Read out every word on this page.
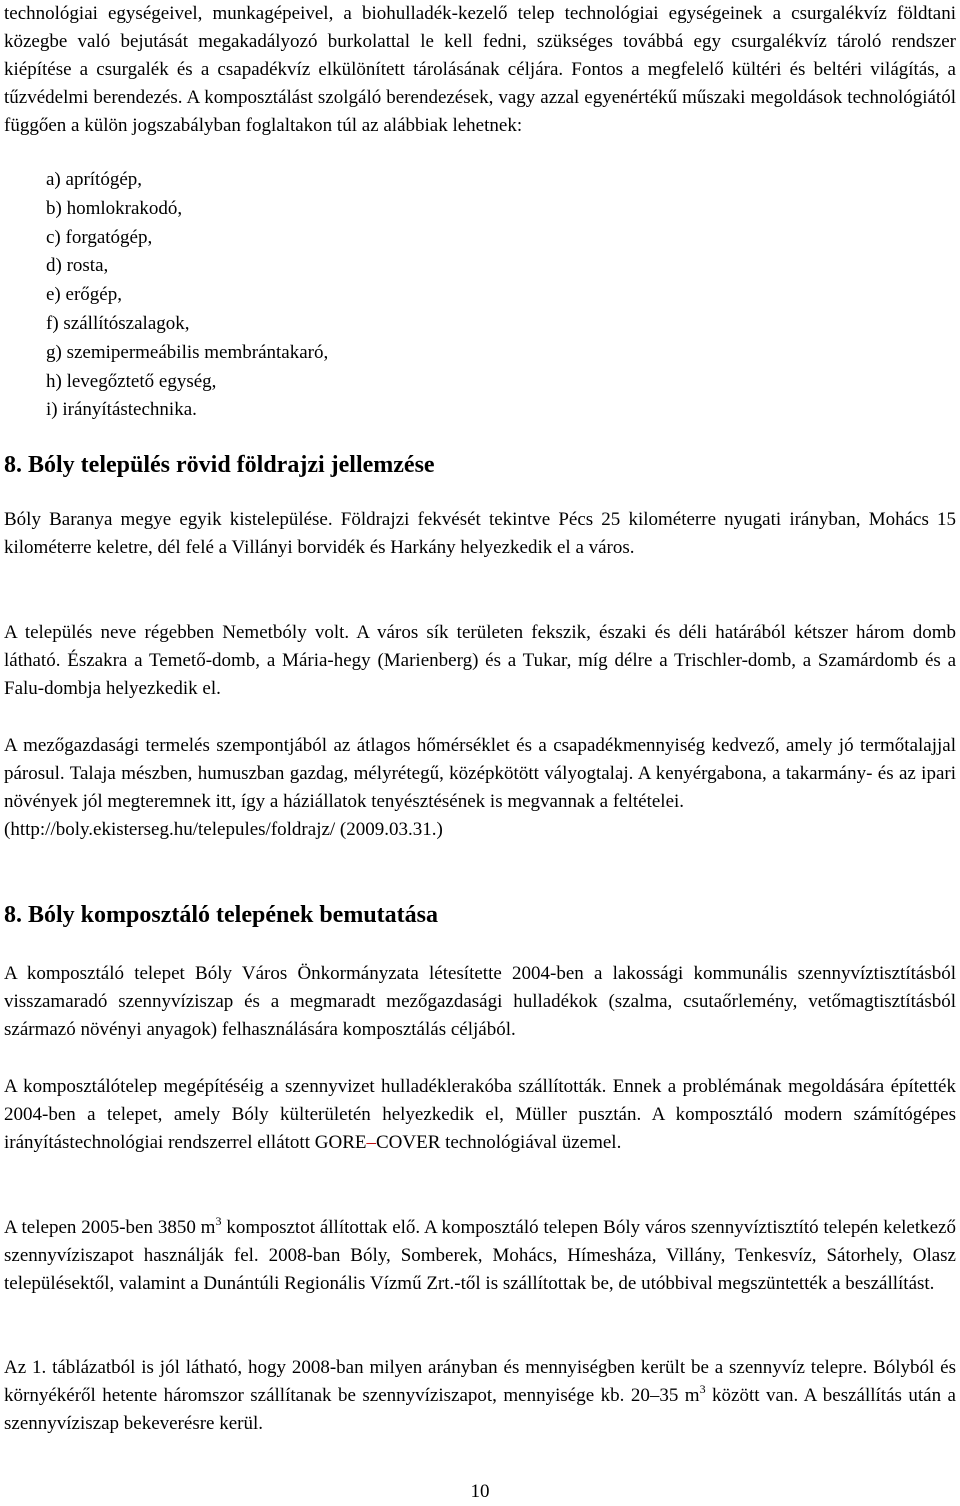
technológiai egységeivel, munkagépeivel, a biohulladék-kezelő telep technológiai egységeinek a csurgalékvíz földtani közegbe való bejutását megakadályozó burkolattal le kell fedni, szükséges továbbá egy csurgalékvíz tároló rendszer kiépítése a csurgalék és a csapadékvíz elkülönített tárolásának céljára. Fontos a megfelelő kültéri és beltéri világítás, a tűzvédelmi berendezés. A komposztálást szolgáló berendezések, vagy azzal egyenértékű műszaki megoldások technológiától függően a külön jogszabályban foglaltakon túl az alábbiak lehetnek:

a) aprítógép,
b) homlokrakodó,
c) forgatógép,
d) rosta,
e) erőgép,
f) szállítószalagok,
g) szemipermeábilis membrántakaró,
h) levegőztető egység,
i) irányítástechnika.
8. Bóly település rövid földrajzi jellemzése

Bóly Baranya megye egyik kistelepülése. Földrajzi fekvését tekintve Pécs 25 kilométerre nyugati irányban, Mohács 15 kilométerre keletre, dél felé a Villányi borvidék és Harkány helyezkedik el a város.

A település neve régebben Nemetbóly volt. A város sík területen fekszik, északi és déli határából kétszer három domb látható. Északra a Temető-domb, a Mária-hegy (Marienberg) és a Tukar, míg délre a Trischler-domb, a Szamárdomb és a Falu-dombja helyezkedik el.

A mezőgazdasági termelés szempontjából az átlagos hőmérséklet és a csapadékmennyiség kedvező, amely jó termőtalajjal párosul. Talaja mészben, humuszban gazdag, mélyrétegű, középkötött vályogtalaj. A kenyérgabona, a takarmány- és az ipari növények jól megteremnek itt, így a háziállatok tenyésztésének is megvannak a feltételei.
(http://boly.ekisterseg.hu/telepules/foldrajz/ (2009.03.31.)
8. Bóly komposztáló telepének bemutatása

A komposztáló telepet Bóly Város Önkormányzata létesítette 2004-ben a lakossági kommunális szennyvíztisztításból visszamaradó szennyvíziszap és a megmaradt mezőgazdasági hulladékok (szalma, csutaőrlemény, vetőmagtisztításból származó növényi anyagok) felhasználására komposztálás céljából.

A komposztálótelep megépítéséig a szennyvizet hulladéklerakóba szállították. Ennek a problémának megoldására építették 2004-ben a telepet, amely Bóly külterületén helyezkedik el, Müller pusztán. A komposztáló modern számítógépes irányítástechnológiai rendszerrel ellátott GORE–COVER technológiával üzemel.
A telepen 2005-ben 3850 $m^3$ komposztot állítottak elő. A komposztáló telepen Bóly város szennyvíztisztító telepén keletkező szennyvíziszapot használják fel. 2008-ban Bóly, Somberek, Mohács, Hímesháza, Villány, Tenkesvíz, Sátorhely, Olasz településektől, valamint a Dunántúli Regionális Vízmű Zrt.-től is szállítottak be, de utóbbival megszüntették a beszállítást.
Az 1. táblázatból is jól látható, hogy 2008-ban milyen arányban és mennyiségben került be a szennyvíz telepre. Bólyból és környékéről hetente háromszor szállítanak be szennyvíziszapot, mennyisége kb. 20–35 $m^3$ között van. A beszállítás után a szennyvíziszap bekeverésre kerül.
10
